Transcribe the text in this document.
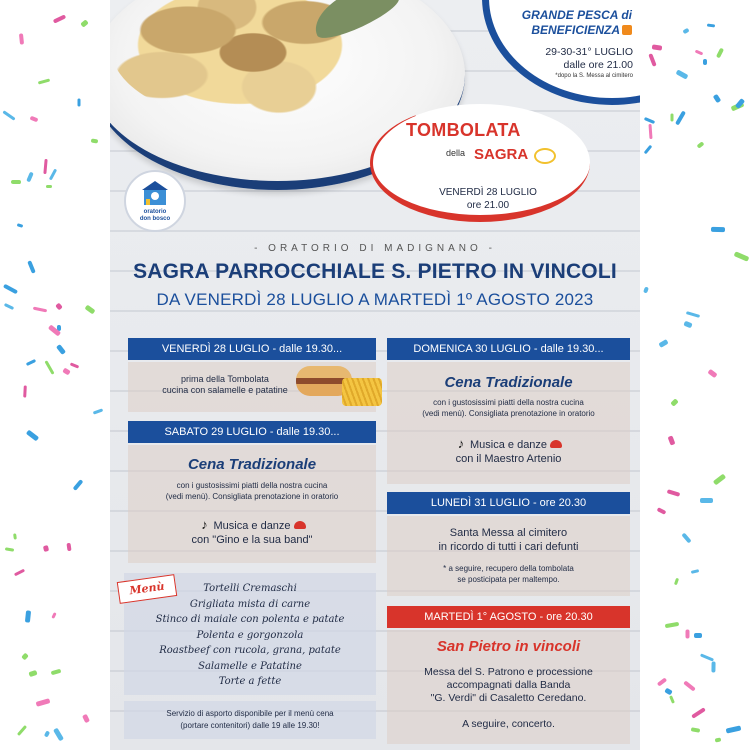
oratorio
don bosco
GRANDE PESCA di
BENEFICIENZA
29-30-31° LUGLIO
dalle ore 21.00
*dopo la S. Messa al cimitero
TOMBOLATA
della SAGRA
VENERDÌ 28 LUGLIO
ore 21.00
- ORATORIO DI MADIGNANO -
SAGRA PARROCCHIALE S. PIETRO IN VINCOLI
DA VENERDÌ 28 LUGLIO A MARTEDÌ 1º AGOSTO 2023
VENERDÌ 28 LUGLIO - dalle 19.30...
prima della Tombolata
cucina con salamelle e patatine
SABATO 29 LUGLIO - dalle 19.30...
Cena Tradizionale
con i gustosissimi piatti della nostra cucina
(vedi menù). Consigliata prenotazione in oratorio
♪ Musica e danze
con "Gino e la sua band"
Menù	Tortelli Cremaschi
Grigliata mista di carne
Stinco di maiale con polenta e patate
Polenta e gorgonzola
Roastbeef con rucola, grana, patate
Salamelle e Patatine
Torte a fette
Servizio di asporto disponibile per il menù cena
(portare contenitori) dalle 19 alle 19.30!
DOMENICA 30 LUGLIO - dalle 19.30...
Cena Tradizionale
con i gustosissimi piatti della nostra cucina
(vedi menù). Consigliata prenotazione in oratorio
♪ Musica e danze
con il Maestro Artenio
LUNEDÌ 31 LUGLIO - ore 20.30
Santa Messa al cimitero
in ricordo di tutti i cari defunti
* a seguire, recupero della tombolata
se posticipata per maltempo.
MARTEDÌ 1° AGOSTO - ore 20.30
San Pietro in vincoli
Messa del S. Patrono e processione
accompagnati dalla Banda
"G. Verdi" di Casaletto Ceredano.
A seguire, concerto.
